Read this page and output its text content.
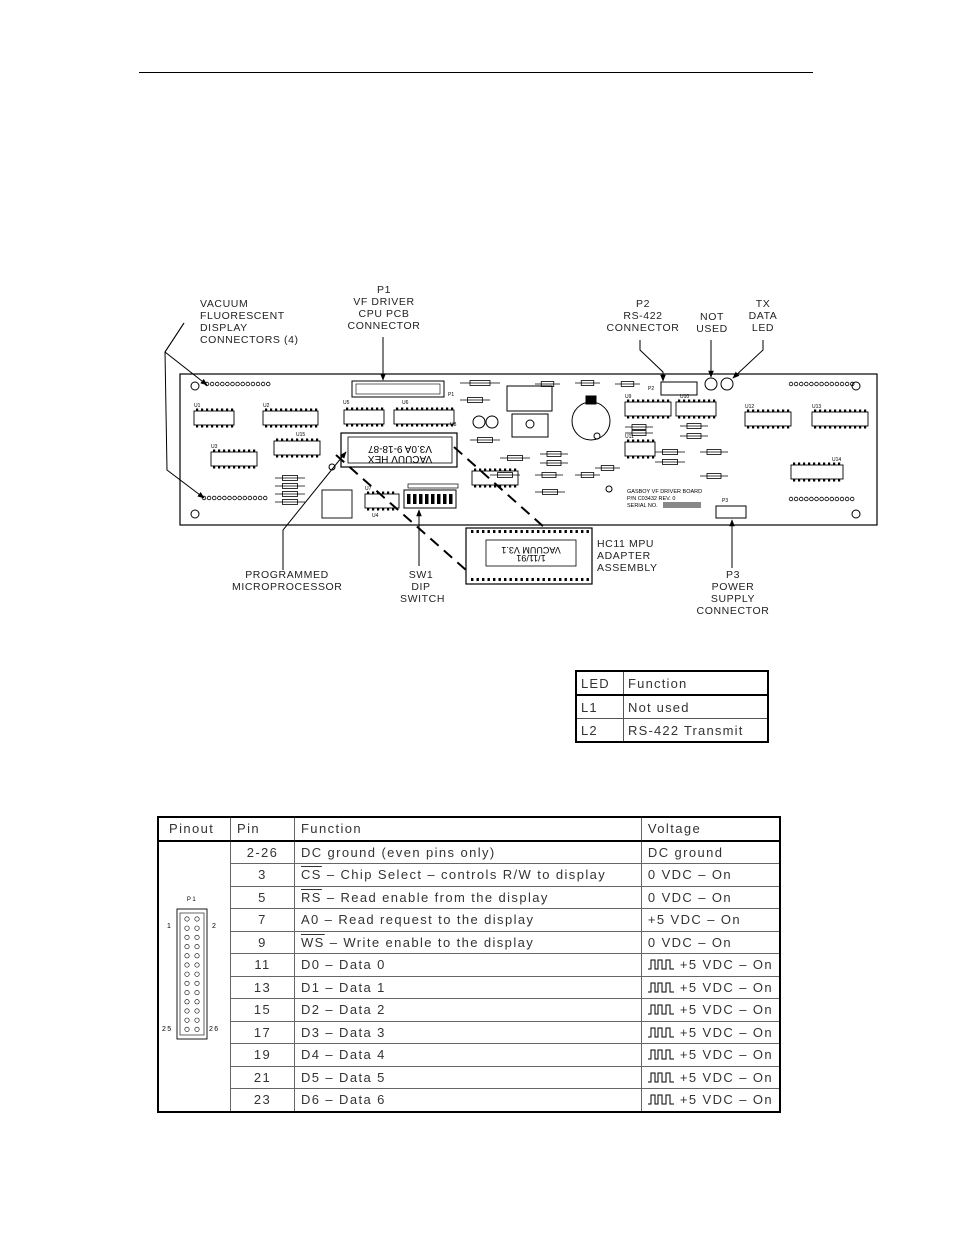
V3.0A 9-18-87
VACUUV HEX
GASBOY VF DRIVER BOARD P/N C03432 REV. 0 SERIAL NO.
U1	U2
U3
U4
U5	U6
U7
U8
U9	U10
U11
U12	U13
U14
U15
P1
P2
P3
VACUUM V3.1
1/11/91
VACUUM
FLUORESCENT
DISPLAY
CONNECTORS (4)
P1
VF DRIVER
CPU PCB
CONNECTOR
P2
RS-422
CONNECTOR
NOT
USED
TX
DATA
LED
PROGRAMMED
MICROPROCESSOR
SW1
DIP
SWITCH
HC11 MPU
ADAPTER
ASSEMBLY
P3
POWER
SUPPLY
CONNECTOR
LED	Function
L1	Not used
L2	RS-422 Transmit
Pinout	Pin	Function	Voltage

P1
1 2
25 26	2-26	DC ground (even pins only)	DC ground
	3	$\overline{CS}$ – Chip Select – controls R/W to display	0 VDC – On
	5	$\overline{RS}$ – Read enable from the display	0 VDC – On
	7	A0 – Read request to the display	+5 VDC – On
	9	$\overline{WS}$ – Write enable to the display	0 VDC – On
	11	D0 – Data 0	+5 VDC – On
	13	D1 – Data 1	+5 VDC – On
	15	D2 – Data 2	+5 VDC – On
	17	D3 – Data 3	+5 VDC – On
	19	D4 – Data 4	+5 VDC – On
	21	D5 – Data 5	+5 VDC – On
	23	D6 – Data 6	+5 VDC – On
